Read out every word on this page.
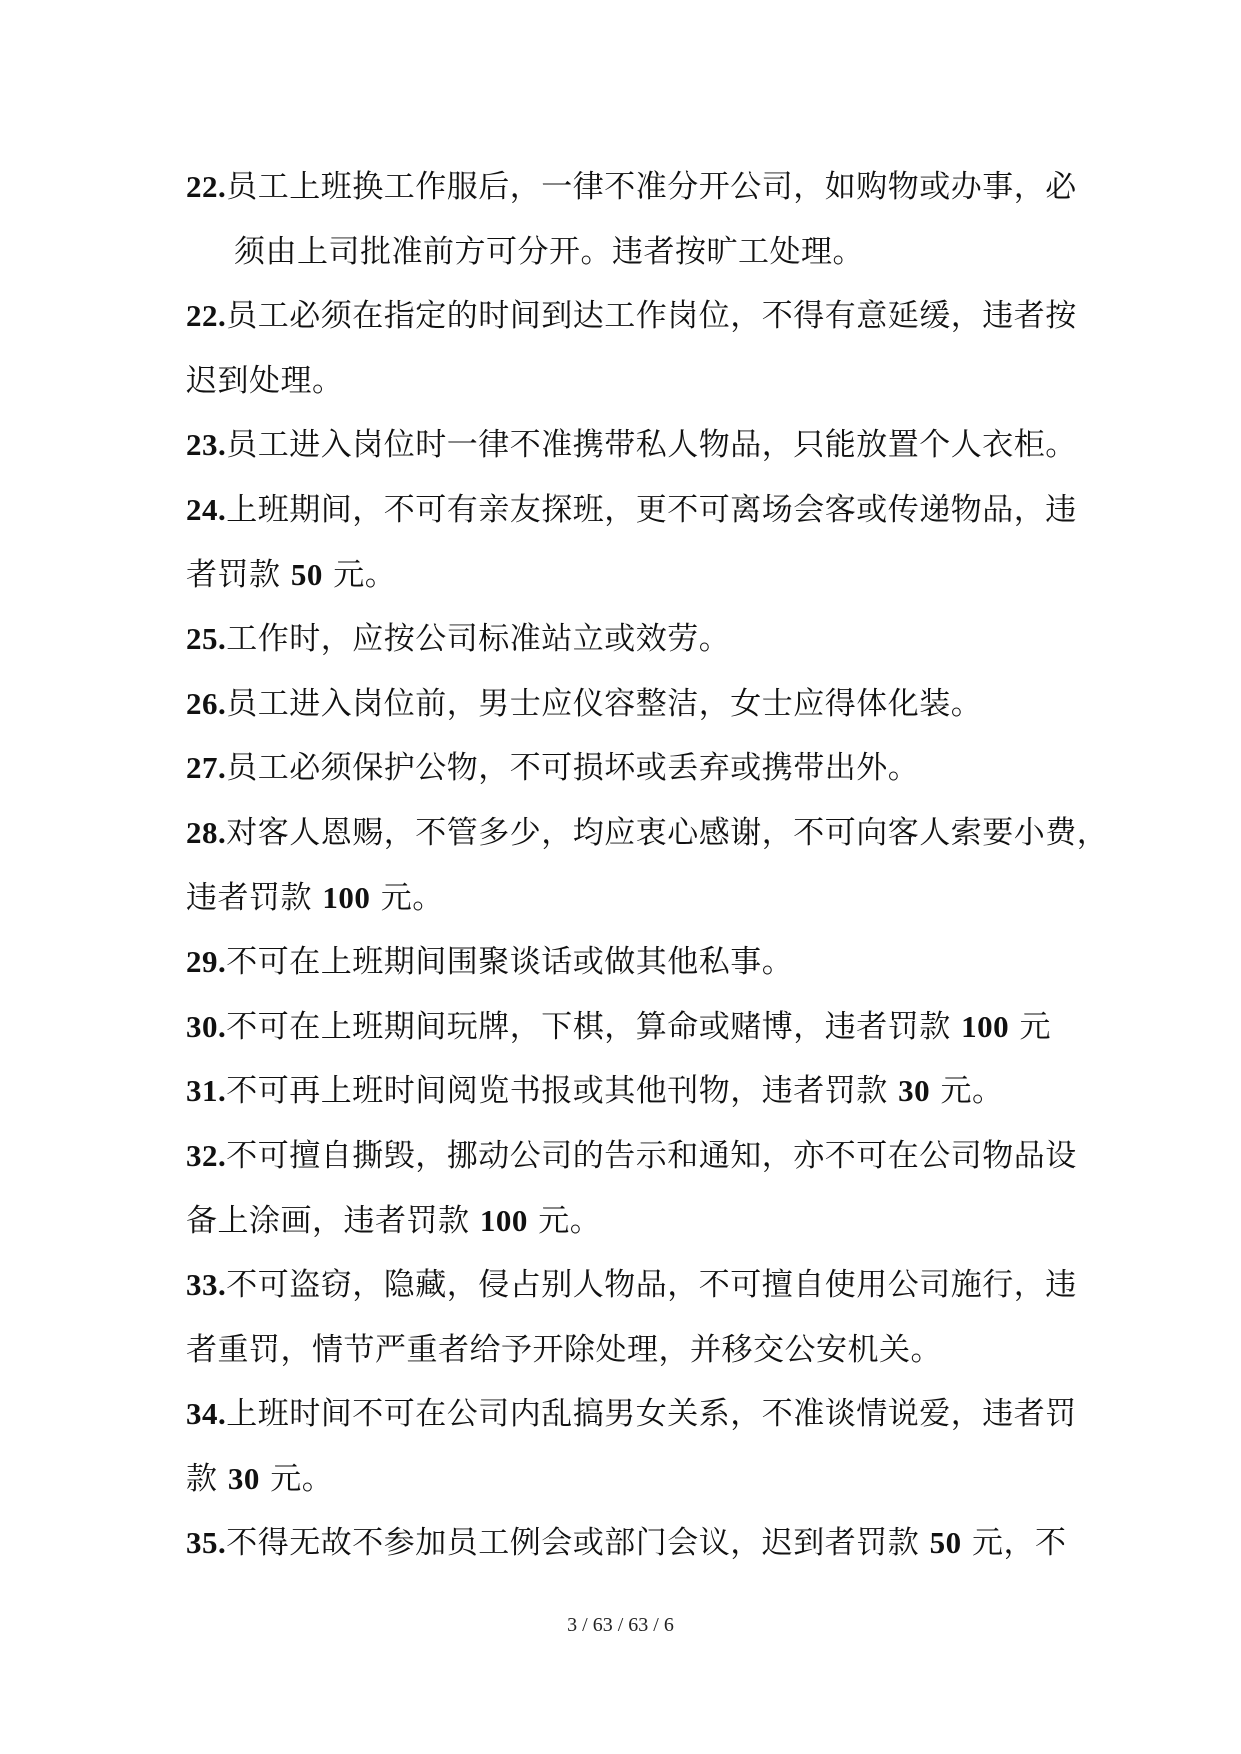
22.员工上班换工作服后，一律不准分开公司，如购物或办事，必
须由上司批准前方可分开。违者按旷工处理。
22.员工必须在指定的时间到达工作岗位，不得有意延缓，违者按
迟到处理。
23.员工进入岗位时一律不准携带私人物品，只能放置个人衣柜。
24.上班期间，不可有亲友探班，更不可离场会客或传递物品，违
者罚款 50 元。
25.工作时，应按公司标准站立或效劳。
26.员工进入岗位前，男士应仪容整洁，女士应得体化装。
27.员工必须保护公物，不可损坏或丢弃或携带出外。
28.对客人恩赐，不管多少，均应衷心感谢，不可向客人索要小费，
违者罚款 100 元。
29.不可在上班期间围聚谈话或做其他私事。
30.不可在上班期间玩牌，下棋，算命或赌博，违者罚款 100 元
31.不可再上班时间阅览书报或其他刊物，违者罚款 30 元。
32.不可擅自撕毁，挪动公司的告示和通知，亦不可在公司物品设
备上涂画，违者罚款 100 元。
33.不可盗窃，隐藏，侵占别人物品，不可擅自使用公司施行，违
者重罚，情节严重者给予开除处理，并移交公安机关。
34.上班时间不可在公司内乱搞男女关系，不准谈情说爱，违者罚
款 30 元。
35.不得无故不参加员工例会或部门会议，迟到者罚款 50 元，不
3 / 63 / 63 / 6
